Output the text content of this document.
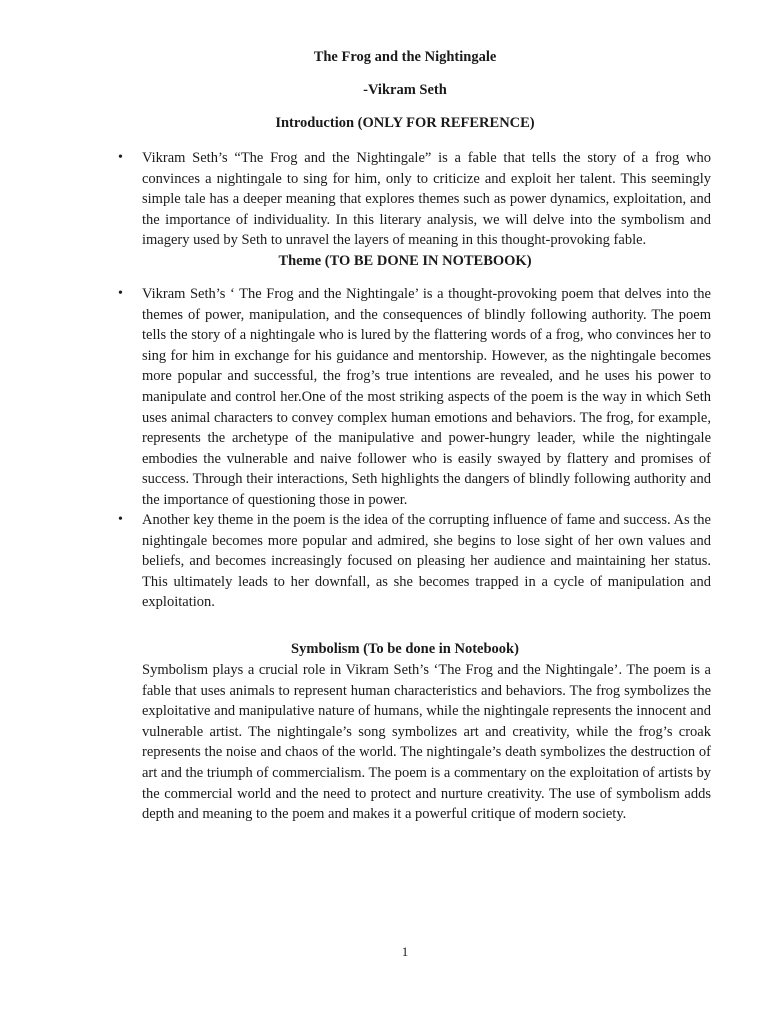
The Frog and the Nightingale
-Vikram Seth
Introduction (ONLY FOR REFERENCE)
• Vikram Seth’s “The Frog and the Nightingale” is a fable that tells the story of a frog who convinces a nightingale to sing for him, only to criticize and exploit her talent. This seemingly simple tale has a deeper meaning that explores themes such as power dynamics, exploitation, and the importance of individuality. In this literary analysis, we will delve into the symbolism and imagery used by Seth to unravel the layers of meaning in this thought-provoking fable.

Theme (TO BE DONE IN NOTEBOOK)
• Vikram Seth’s ‘ The Frog and the Nightingale’ is a thought-provoking poem that delves into the themes of power, manipulation, and the consequences of blindly following authority. The poem tells the story of a nightingale who is lured by the flattering words of a frog, who convinces her to sing for him in exchange for his guidance and mentorship. However, as the nightingale becomes more popular and successful, the frog’s true intentions are revealed, and he uses his power to manipulate and control her.One of the most striking aspects of the poem is the way in which Seth uses animal characters to convey complex human emotions and behaviors. The frog, for example, represents the archetype of the manipulative and power-hungry leader, while the nightingale embodies the vulnerable and naive follower who is easily swayed by flattery and promises of success. Through their interactions, Seth highlights the dangers of blindly following authority and the importance of questioning those in power.

• Another key theme in the poem is the idea of the corrupting influence of fame and success. As the nightingale becomes more popular and admired, she begins to lose sight of her own values and beliefs, and becomes increasingly focused on pleasing her audience and maintaining her status. This ultimately leads to her downfall, as she becomes trapped in a cycle of manipulation and exploitation.

Symbolism (To be done in Notebook)

Symbolism plays a crucial role in Vikram Seth’s ‘The Frog and the Nightingale’. The poem is a fable that uses animals to represent human characteristics and behaviors. The frog symbolizes the exploitative and manipulative nature of humans, while the nightingale represents the innocent and vulnerable artist. The nightingale’s song symbolizes art and creativity, while the frog’s croak represents the noise and chaos of the world. The nightingale’s death symbolizes the destruction of art and the triumph of commercialism. The poem is a commentary on the exploitation of artists by the commercial world and the need to protect and nurture creativity. The use of symbolism adds depth and meaning to the poem and makes it a powerful critique of modern society.

1
